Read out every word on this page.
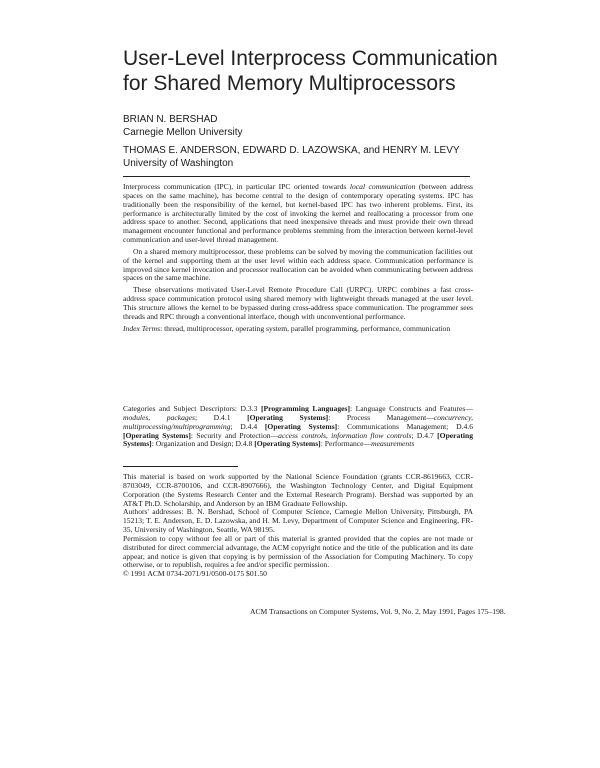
User-Level Interprocess Communication
for Shared Memory Multiprocessors
BRIAN N. BERSHAD
Carnegie Mellon University
THOMAS E. ANDERSON, EDWARD D. LAZOWSKA, and HENRY M. LEVY
University of Washington

Interprocess communication (IPC), in particular IPC oriented towards local communication (between address spaces on the same machine), has become central to the design of contemporary operating systems. IPC has traditionally been the responsibility of the kernel, but kernel-based IPC has two inherent problems. First, its performance is architecturally limited by the cost of invoking the kernel and reallocating a processor from one address space to another. Second, applications that need inexpensive threads and must provide their own thread management encounter functional and performance problems stemming from the interaction between kernel-level communication and user-level thread management.

On a shared memory multiprocessor, these problems can be solved by moving the communication facilities out of the kernel and supporting them at the user level within each address space. Communication performance is improved since kernel invocation and processor reallocation can be avoided when communicating between address spaces on the same machine.

These observations motivated User-Level Remote Procedure Call (URPC). URPC combines a fast cross-address space communication protocol using shared memory with lightweight threads managed at the user level. This structure allows the kernel to be bypassed during cross-address space communication. The programmer sees threads and RPC through a conventional interface, though with unconventional performance.

Index Terms: thread, multiprocessor, operating system, parallel programming, performance, communication
Categories and Subject Descriptors: D.3.3 [Programming Languages]: Language Constructs and Features—modules, packages; D.4.1 [Operating Systems]: Process Management—concurrency, multiprocessing/multiprogramming; D.4.4 [Operating Systems]: Communications Management; D.4.6 [Operating Systems]: Security and Protection—access controls, information flow controls; D.4.7 [Operating Systems]: Organization and Design; D.4.8 [Operating Systems]: Performance—measurements

This material is based on work supported by the National Science Foundation (grants CCR-8619663, CCR-8703049, CCR-8700106, and CCR-8907666), the Washington Technology Center, and Digital Equipment Corporation (the Systems Research Center and the External Research Program). Bershad was supported by an AT&T Ph.D. Scholarship, and Anderson by an IBM Graduate Fellowship.

Authors' addresses: B. N. Bershad, School of Computer Science, Carnegie Mellon University, Pittsburgh, PA 15213; T. E. Anderson, E. D. Lazowska, and H. M. Levy, Department of Computer Science and Engineering, FR-35, University of Washington, Seattle, WA 98195.

Permission to copy without fee all or part of this material is granted provided that the copies are not made or distributed for direct commercial advantage, the ACM copyright notice and the title of the publication and its date appear, and notice is given that copying is by permission of the Association for Computing Machinery. To copy otherwise, or to republish, requires a fee and/or specific permission.

© 1991 ACM 0734-2071/91/0500-0175 $01.50

ACM Transactions on Computer Systems, Vol. 9, No. 2, May 1991, Pages 175–198.
